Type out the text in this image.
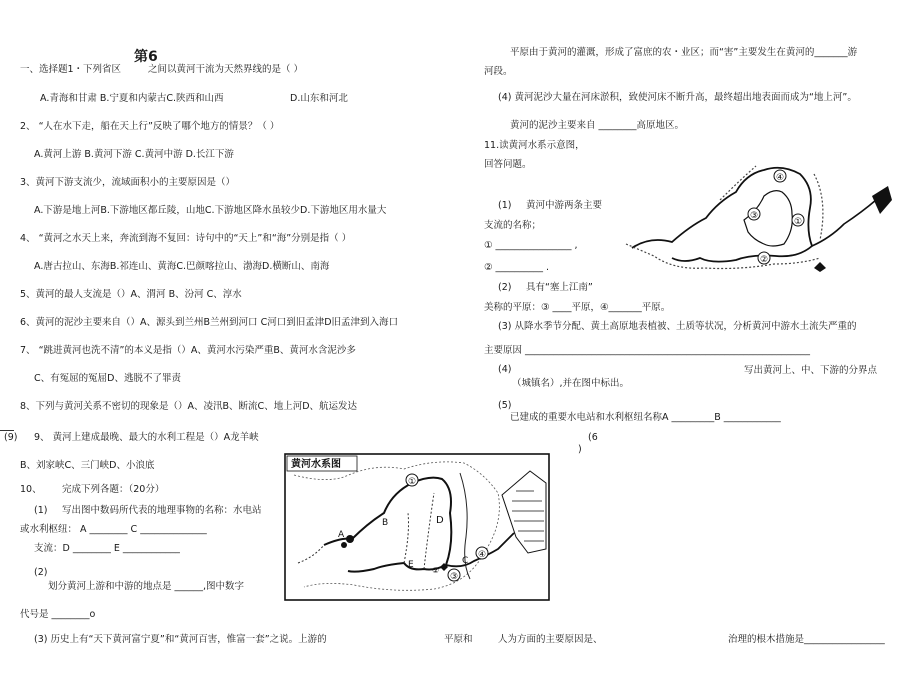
第6
一、选择题1・下列省区	之间以黄河干流为天然界线的是（ ）
A.青海和甘肃 B.宁夏和内蒙古C.陕西和山西	D.山东和河北
2、 “人在水下走，船在天上行”反映了哪个地方的情景？（ ）
A.黄河上游 B.黄河下游 C.黄河中游 D.长江下游
3、黄河下游支流少，流域面积小的主要原因是（）
A.下游是地上河B.下游地区都丘陵，山地C.下游地区降水虽较少D.下游地区用水量大
4、 “黄河之水天上来，奔流到海不复回：诗句中的“天上”和“海”分别是指（ ）
A.唐古拉山、东海B.祁连山、黄海C.巴颜喀拉山、渤海D.横断山、南海
5、黄河的最人支流是（）A、渭河 B、汾河 C、淳水
6、黄河的泥沙主要来自（）A、源头到兰州B兰州到河口 C河口到旧孟津D旧孟津到入海口
7、 “跳进黄河也洗不清”的本义是指（）A、黄河水污染严重B、黄河水含泥沙多
C、有冤屈的冤屈D、逃脱不了罪责
8、下列与黄河关系不密切的现象是（）A、凌汛B、断流C、地上河D、航运发达
(9) 9、 黄河上建成最晚、最大的水利工程是（）A龙羊峡
B、刘家峡C、三门峡D、小浪底
10、 完成下列各题：（20分）
(1) 写出图中数码所代表的地理事物的名称：水电站
或水利枢纽： A ________ C ______________
支流：D ________ E ____________
(2)
划分黄河上游和中游的地点是 ______,图中数字
代号是 ________o
(3) 历史上有“天下黄河富宁夏”和“黄河百害，惟富一套”之说。上游的	平原和	人为方面的主要原因是、	治理的根木措施是_________________
平原由于黄河的灌溉，形成了富庶的农・业区；而“害”主要发生在黄河的_______游
河段。
(4) 黄河泥沙大量在河床淤积，致使河床不断升高，最终超出地表面而成为“地上河”。
黄河的泥沙主要来自 ________高原地区。
11.读黄河水系示意图，
回答问题。
(1) 黄河中游两条主要
支流的名称；
① ________________ ,
② __________ .
(2) 具有“塞上江南”
美称的平原：③ ____平原，④_______平原。
(3) 从降水季节分配、黄土高原地表植被、土质等状况，分析黄河中游水土流失严重的
主要原因 ____________________________________________________________
(4)	写出黄河上、中、下游的分界点
（城镇名）,并在图中标出。
(5)
已建成的重要水电站和水利枢纽名称A _________B ____________
(6
)
黄河水系图
①
④
③
②
A
B
C
D
E
④
①
③
②
